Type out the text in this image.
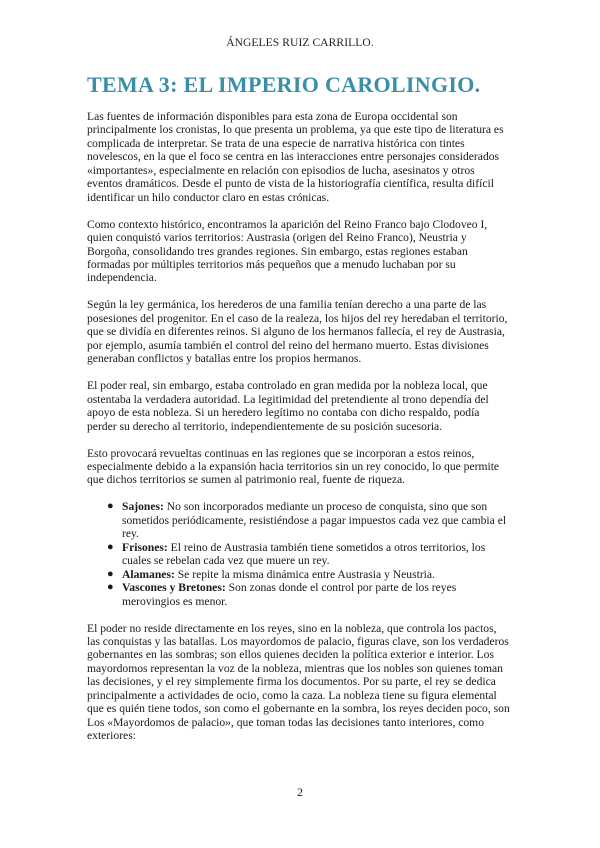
ÁNGELES RUIZ CARRILLO.
TEMA 3: EL IMPERIO CAROLINGIO.

Las fuentes de información disponibles para esta zona de Europa occidental son principalmente los cronistas, lo que presenta un problema, ya que este tipo de literatura es complicada de interpretar. Se trata de una especie de narrativa histórica con tintes novelescos, en la que el foco se centra en las interacciones entre personajes considerados «importantes», especialmente en relación con episodios de lucha, asesinatos y otros eventos dramáticos. Desde el punto de vista de la historiografía científica, resulta difícil identificar un hilo conductor claro en estas crónicas.

Como contexto histórico, encontramos la aparición del Reino Franco bajo Clodoveo I, quien conquistó varios territorios: Austrasia (origen del Reino Franco), Neustria y Borgoña, consolidando tres grandes regiones. Sin embargo, estas regiones estaban formadas por múltiples territorios más pequeños que a menudo luchaban por su independencia.

Según la ley germánica, los herederos de una familia tenían derecho a una parte de las posesiones del progenitor. En el caso de la realeza, los hijos del rey heredaban el territorio, que se dividía en diferentes reinos. Si alguno de los hermanos fallecía, el rey de Austrasia, por ejemplo, asumía también el control del reino del hermano muerto. Estas divisiones generaban conflictos y batallas entre los propios hermanos.

El poder real, sin embargo, estaba controlado en gran medida por la nobleza local, que ostentaba la verdadera autoridad. La legitimidad del pretendiente al trono dependía del apoyo de esta nobleza. Si un heredero legítimo no contaba con dicho respaldo, podía perder su derecho al territorio, independientemente de su posición sucesoria.

Esto provocará revueltas continuas en las regiones que se incorporan a estos reinos, especialmente debido a la expansión hacia territorios sin un rey conocido, lo que permite que dichos territorios se sumen al patrimonio real, fuente de riqueza.

● Sajones: No son incorporados mediante un proceso de conquista, sino que son sometidos periódicamente, resistiéndose a pagar impuestos cada vez que cambia el rey.
● Frisones: El reino de Austrasia también tiene sometidos a otros territorios, los cuales se rebelan cada vez que muere un rey.
● Alamanes: Se repite la misma dinámica entre Austrasia y Neustria.
● Vascones y Bretones: Son zonas donde el control por parte de los reyes merovingios es menor.

El poder no reside directamente en los reyes, sino en la nobleza, que controla los pactos, las conquistas y las batallas. Los mayordomos de palacio, figuras clave, son los verdaderos gobernantes en las sombras; son ellos quienes deciden la política exterior e interior. Los mayordomos representan la voz de la nobleza, mientras que los nobles son quienes toman las decisiones, y el rey simplemente firma los documentos. Por su parte, el rey se dedica principalmente a actividades de ocio, como la caza. La nobleza tiene su figura elemental que es quién tiene todos, son como el gobernante en la sombra, los reyes deciden poco, son Los «Mayordomos de palacio», que toman todas las decisiones tanto interiores, como exteriores:

2
